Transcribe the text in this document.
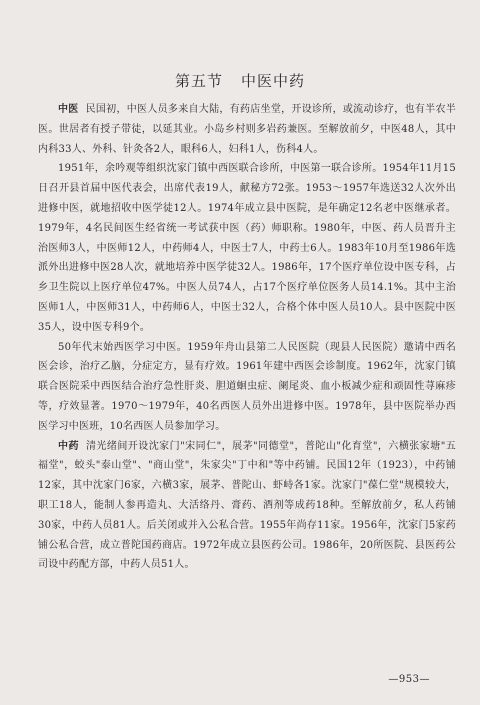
第五节 中医中药

中医 民国初，中医人员多来自大陆，有药店坐堂，开设诊所，或流动诊疗，也有半农半医。世居者有授子带徒，以延其业。小岛乡村则多岩药兼医。至解放前夕，中医48人，其中内科33人、外科、针灸各2人，眼科6人，妇科1人，伤科4人。

1951年，余吟观等组织沈家门镇中西医联合诊所，中医第一联合诊所。1954年11月15日召开县首届中医代表会，出席代表19人，献秘方72张。1953～1957年选送32人次外出进修中医，就地招收中医学徒12人。1974年成立县中医院，是年确定12名老中医继承者。1979年，4名民间医生经省统一考试获中医（药）师职称。1980年，中医、药人员晋升主治医师3人，中医师12人，中药师4人，中医士7人，中药士6人。1983年10月至1986年选派外出进修中医28人次，就地培养中医学徒32人。1986年，17个医疗单位设中医专科，占乡卫生院以上医疗单位47%。中医人员74人，占17个医疗单位医务人员14.1%。其中主治医师1人，中医师31人，中药师6人，中医士32人，合格个体中医人员10人。县中医院中医35人，设中医专科9个。

50年代末始西医学习中医。1959年舟山县第二人民医院（现县人民医院）邀请中西名医会诊，治疗乙脑，分症定方，显有疗效。1961年建中西医会诊制度。1962年，沈家门镇联合医院采中西医结合治疗急性肝炎、胆道蛔虫症、阑尾炎、血小板减少症和顽固性荨麻疹等，疗效显著。1970～1979年，40名西医人员外出进修中医。1978年，县中医院举办西医学习中医班，10名西医人员参加学习。

中药 清光绪间开设沈家门"宋同仁"，展茅"同德堂"，普陀山"化育堂"，六横张家塘"五福堂"，蛟头"泰山堂"、"商山堂"，朱家尖"丁中和"等中药铺。民国12年（1923），中药铺12家，其中沈家门6家，六横3家，展茅、普陀山、虾峙各1家。沈家门"葆仁堂"规模较大，职工18人，能制人参再造丸、大活络丹、膏药、酒剂等成药18种。至解放前夕，私人药铺30家，中药人员81人。后关闭或并入公私合营。1955年尚存11家。1956年，沈家门5家药铺公私合营，成立普陀国药商店。1972年成立县医药公司。1986年，20所医院、县医药公司设中药配方部，中药人员51人。

—953—
